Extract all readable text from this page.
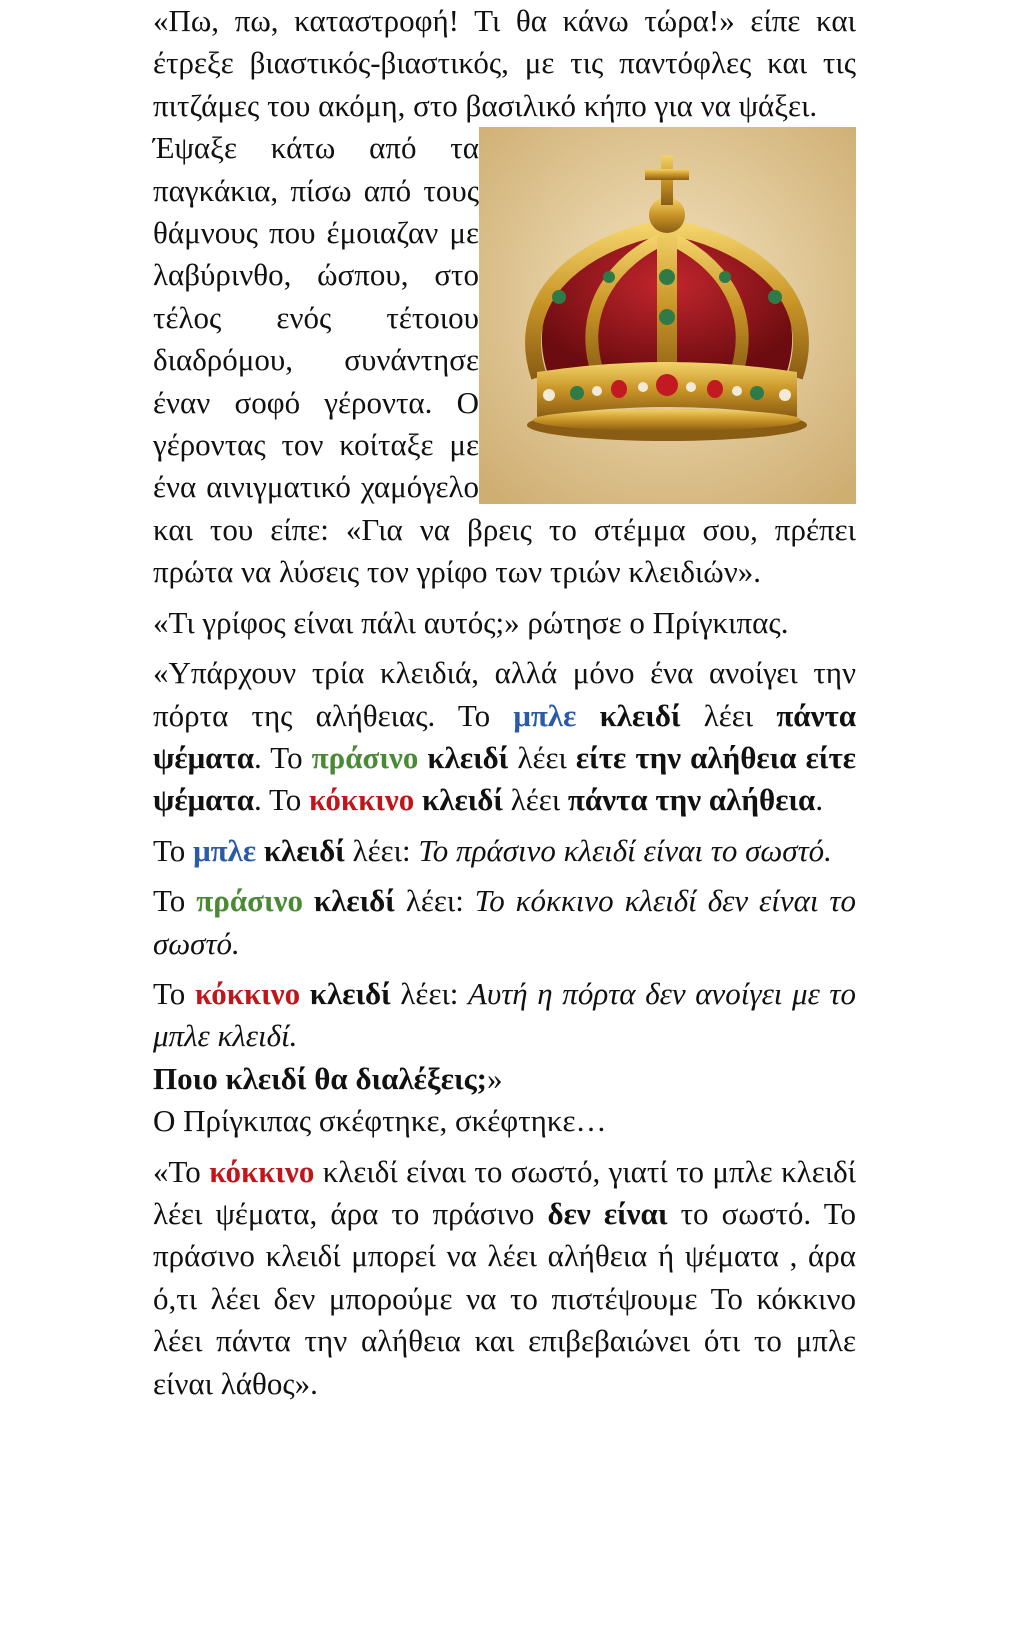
«Πω, πω, καταστροφή! Τι θα κάνω τώρα!» είπε και έτρεξε βιαστικός-βιαστικός, με τις παντόφλες και τις πιτζάμες του ακόμη, στο βασιλικό κήπο για να ψάξει.

Έψαξε κάτω από τα παγκάκια, πίσω από τους θάμνους που έμοιαζαν με λαβύρινθο, ώσπου, στο τέλος ενός τέτοιου διαδρόμου, συνάντησε έναν σοφό γέροντα. Ο γέροντας τον κοίταξε με ένα αινιγματικό χαμόγελο και του είπε: «Για να βρεις το στέμμα σου, πρέπει πρώτα να λύσεις τον γρίφο των τριών κλειδιών».

«Τι γρίφος είναι πάλι αυτός;» ρώτησε ο Πρίγκιπας.

«Υπάρχουν τρία κλειδιά, αλλά μόνο ένα ανοίγει την πόρτα της αλήθειας. Το μπλε κλειδί λέει πάντα ψέματα. Το πράσινο κλειδί λέει είτε την αλήθεια είτε ψέματα. Το κόκκινο κλειδί λέει πάντα την αλήθεια.

Το μπλε κλειδί λέει: Το πράσινο κλειδί είναι το σωστό.

Το πράσινο κλειδί λέει: Το κόκκινο κλειδί δεν είναι το σωστό.

Το κόκκινο κλειδί λέει: Αυτή η πόρτα δεν ανοίγει με το μπλε κλειδί.

Ποιο κλειδί θα διαλέξεις;»

Ο Πρίγκιπας σκέφτηκε, σκέφτηκε…

«Το κόκκινο κλειδί είναι το σωστό, γιατί το μπλε κλειδί λέει ψέματα, άρα το πράσινο δεν είναι το σωστό. Το πράσινο κλειδί μπορεί να λέει αλήθεια ή ψέματα , άρα ό,τι λέει δεν μπορούμε να το πιστέψουμε Το κόκκινο λέει πάντα την αλήθεια και επιβεβαιώνει ότι το μπλε είναι λάθος».
